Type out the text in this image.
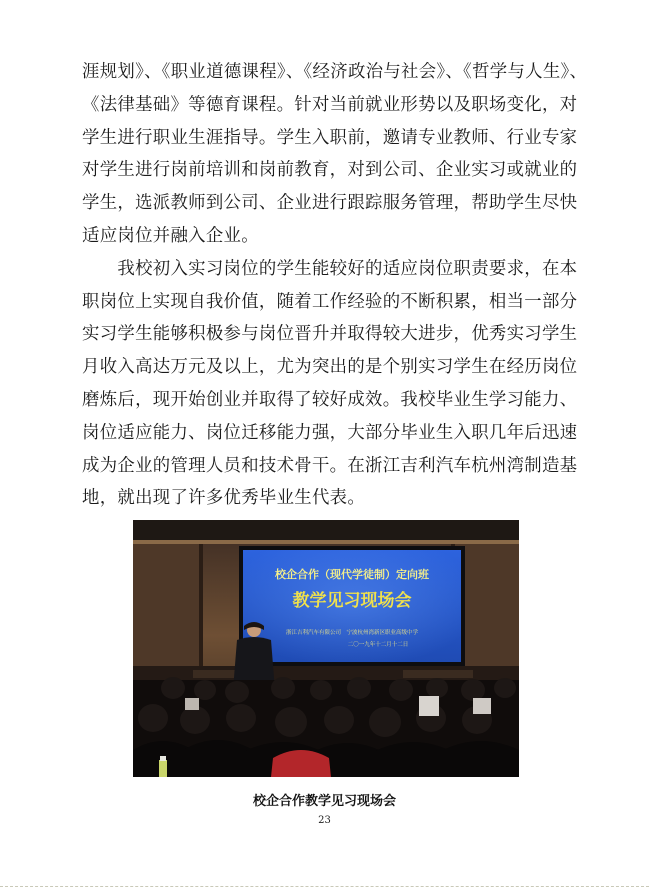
涯规划》、《职业道德课程》、《经济政治与社会》、《哲学与人生》、
《法律基础》等德育课程。针对当前就业形势以及职场变化，对
学生进行职业生涯指导。学生入职前，邀请专业教师、行业专家
对学生进行岗前培训和岗前教育，对到公司、企业实习或就业的
学生，选派教师到公司、企业进行跟踪服务管理，帮助学生尽快
适应岗位并融入企业。
　　我校初入实习岗位的学生能较好的适应岗位职责要求，在本
职岗位上实现自我价值，随着工作经验的不断积累，相当一部分
实习学生能够积极参与岗位晋升并取得较大进步，优秀实习学生
月收入高达万元及以上，尤为突出的是个别实习学生在经历岗位
磨炼后，现开始创业并取得了较好成效。我校毕业生学习能力、
岗位适应能力、岗位迁移能力强，大部分毕业生入职几年后迅速
成为企业的管理人员和技术骨干。在浙江吉利汽车杭州湾制造基
地，就出现了许多优秀毕业生代表。
校企合作（现代学徒制）定向班
教学见习现场会
浙江吉利汽车有限公司　宁波杭州湾新区职业高级中学
二〇一九年十二月十二日
校企合作教学见习现场会
23
